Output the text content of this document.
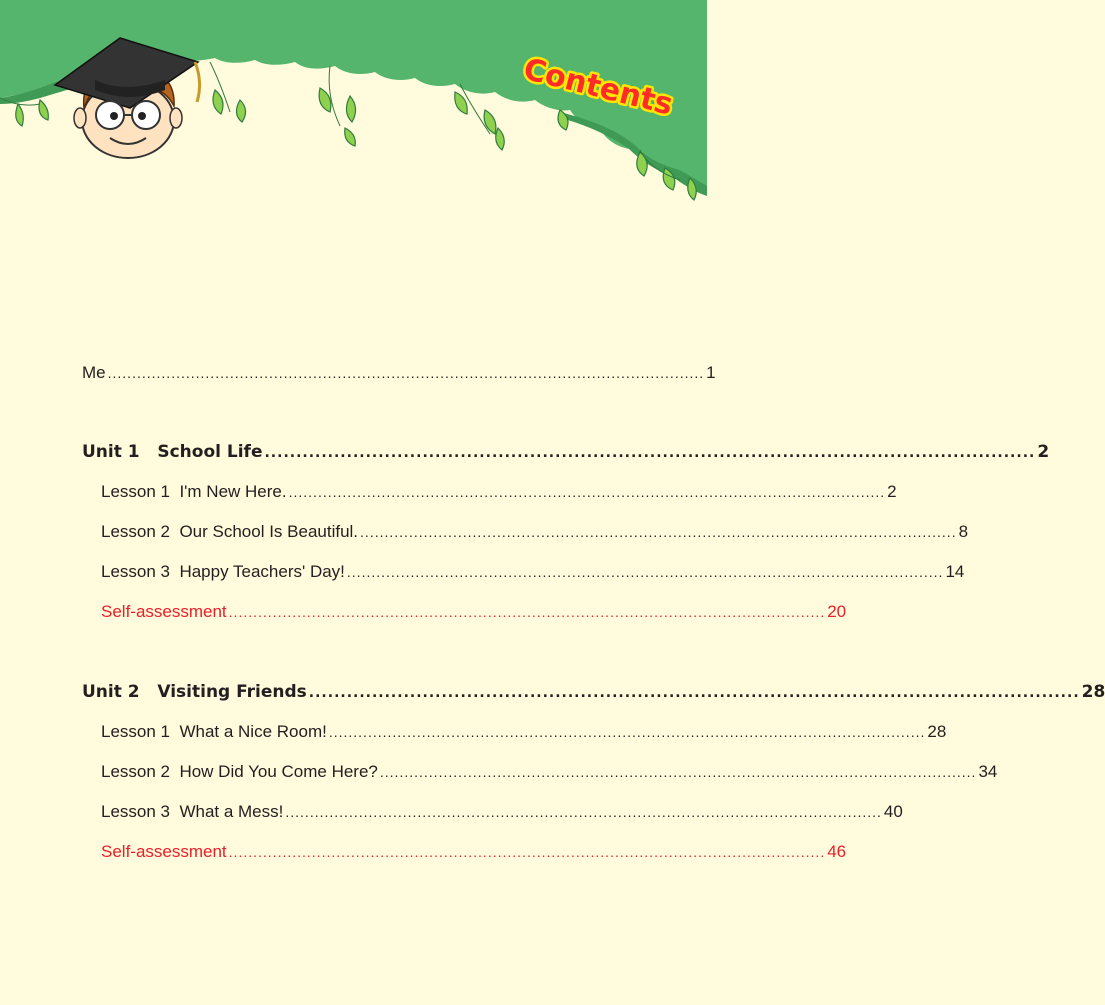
Contents
Me .......................................................................................................................... 1
Unit 1   School Life .......................................................................................................................... 2
Lesson 1  I'm New Here. .......................................................................................................................... 2
Lesson 2  Our School Is Beautiful. .......................................................................................................................... 8
Lesson 3  Happy Teachers' Day! .......................................................................................................................... 14
Self-assessment .......................................................................................................................... 20
Unit 2   Visiting Friends .......................................................................................................................... 28
Lesson 1  What a Nice Room! .......................................................................................................................... 28
Lesson 2  How Did You Come Here? .......................................................................................................................... 34
Lesson 3  What a Mess! .......................................................................................................................... 40
Self-assessment .......................................................................................................................... 46
